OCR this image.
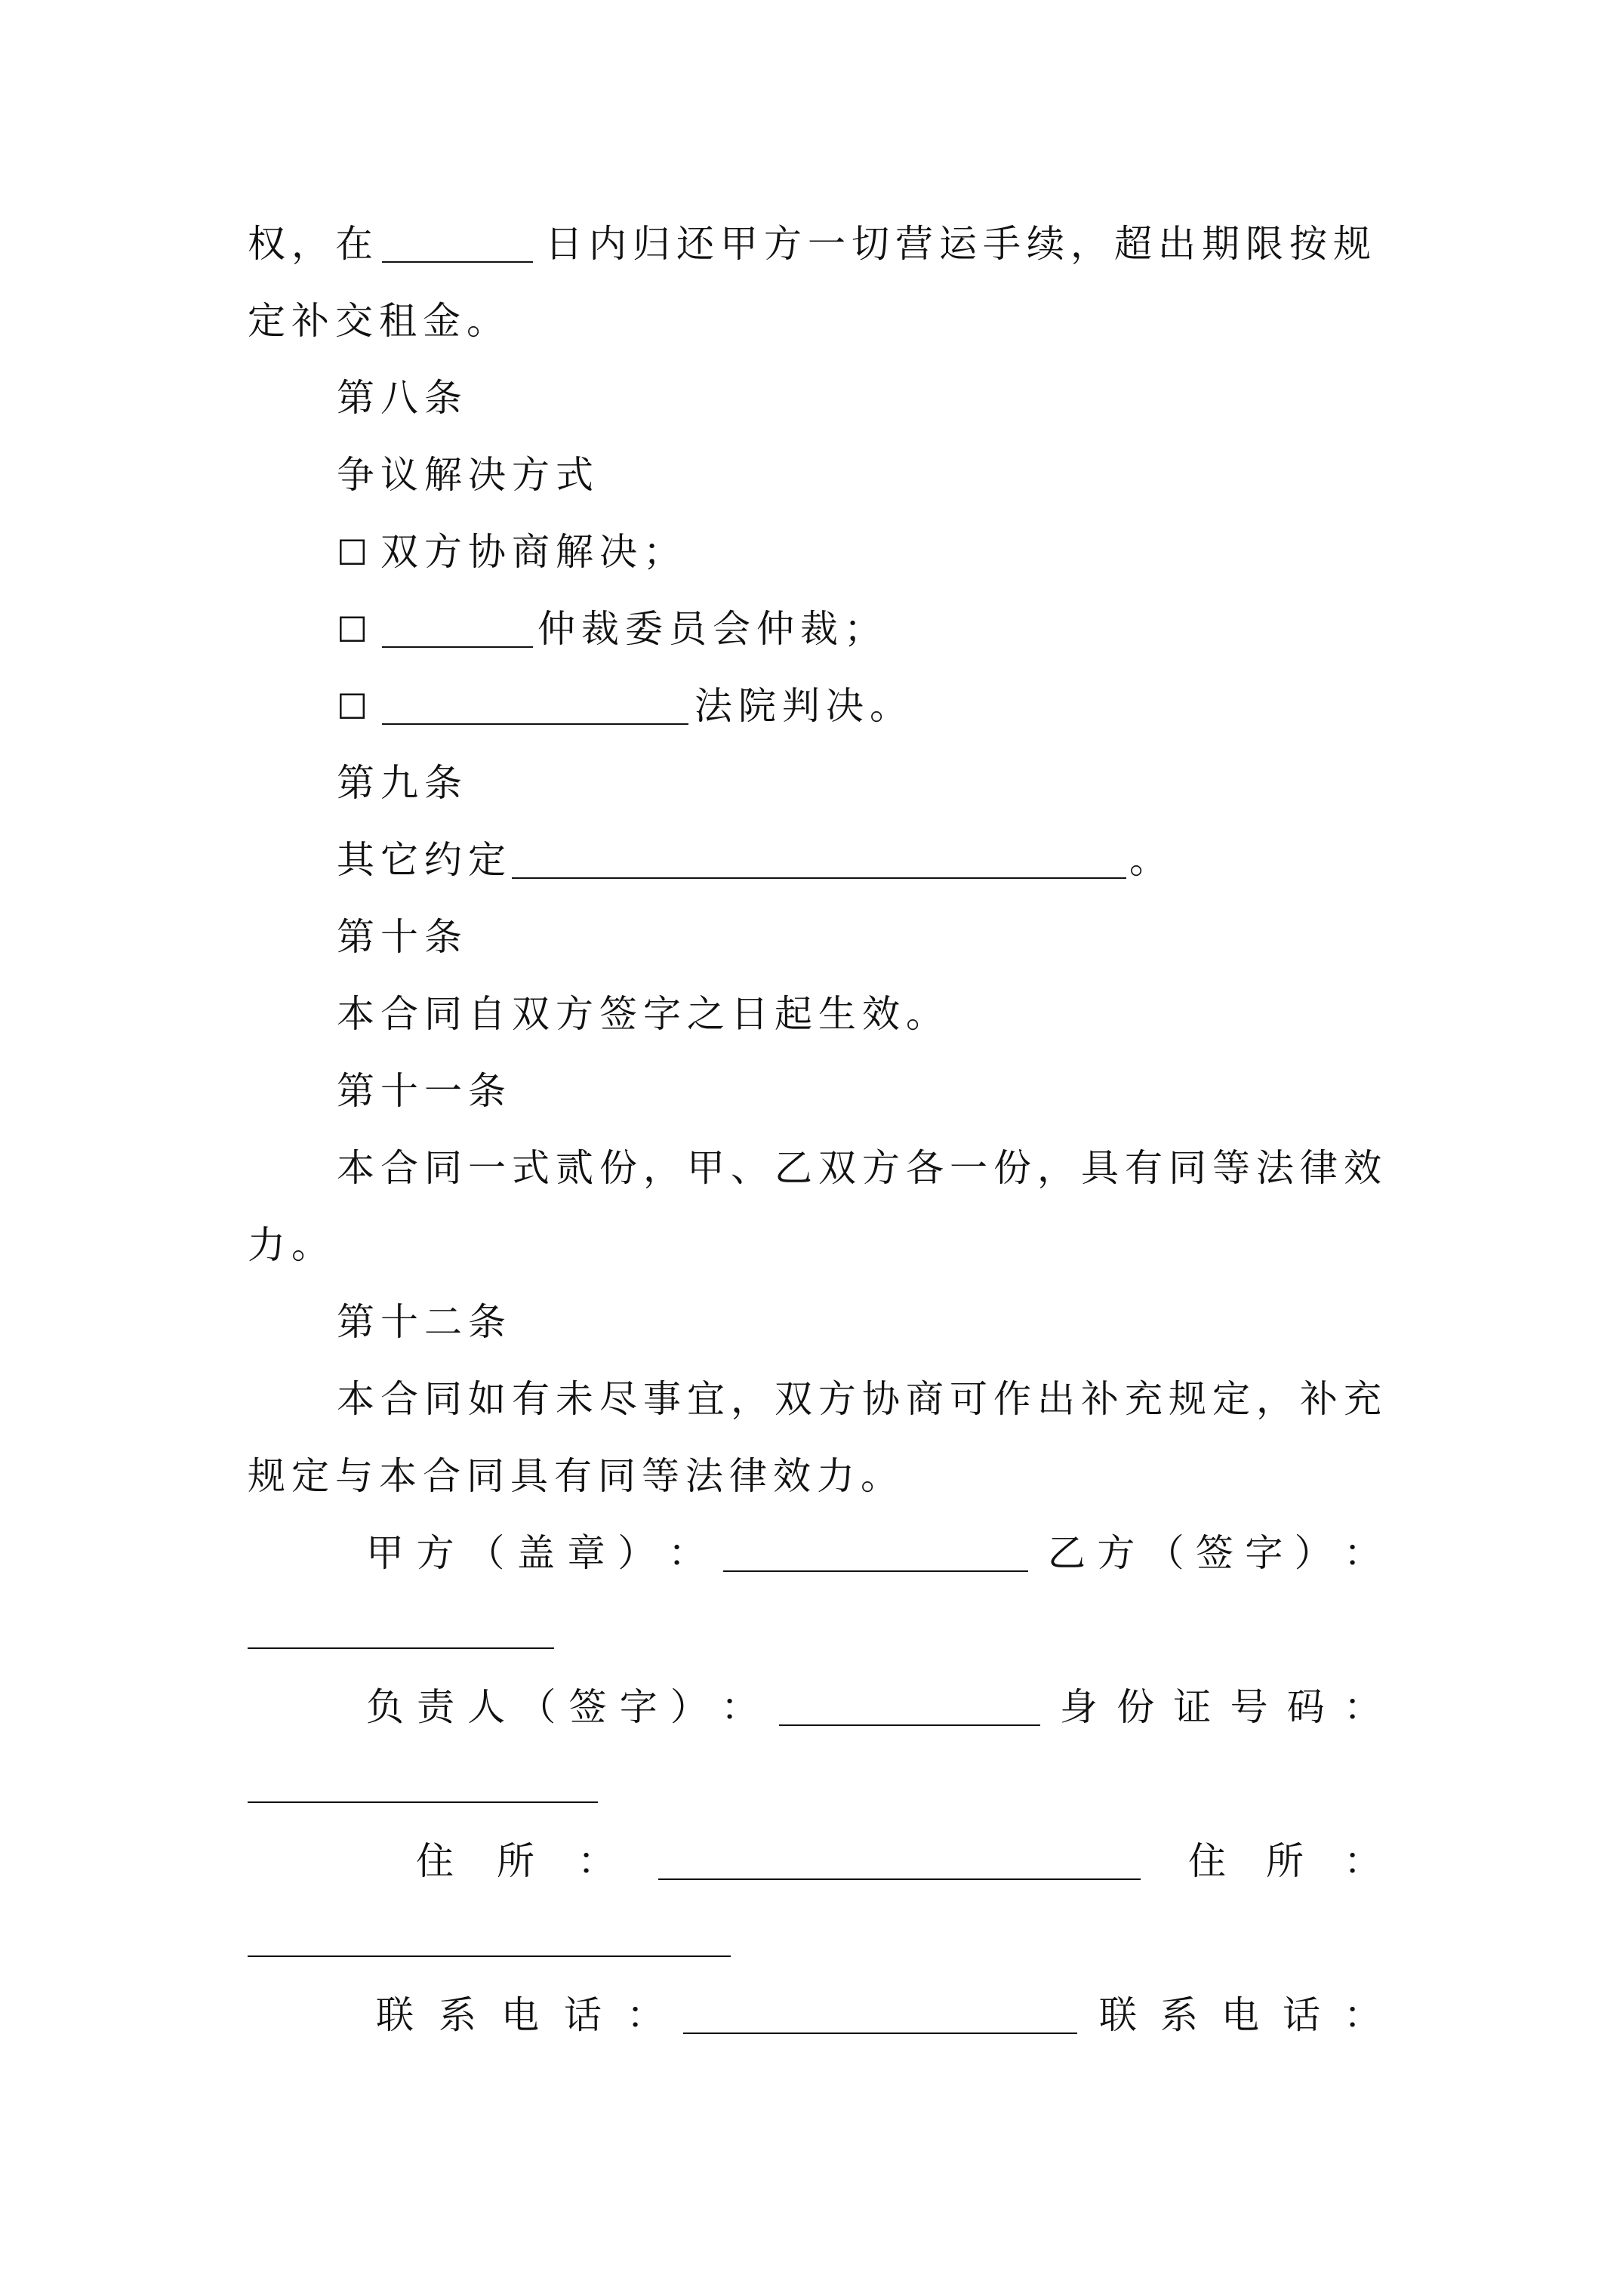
权，在	日内归还甲方一切营运手续，超出期限按规
定补交租金。
第八条
争议解决方式
☐ 双方协商解决；
☐	仲裁委员会仲裁；
☐	法院判决。
第九条
其它约定	。
第十条
本合同自双方签字之日起生效。
第十一条
本合同一式贰份，甲、乙双方各一份，具有同等法律效
力。
第十二条
本合同如有未尽事宜，双方协商可作出补充规定，补充
规定与本合同具有同等法律效力。
甲 方 （ 盖 章 ） ：	乙 方 （ 签 字 ） ：
负 责 人 （ 签 字 ） ：	身 份 证 号 码 ：
住 所 ：	住 所 ：
联 系 电 话 ：	联 系 电 话 ：
